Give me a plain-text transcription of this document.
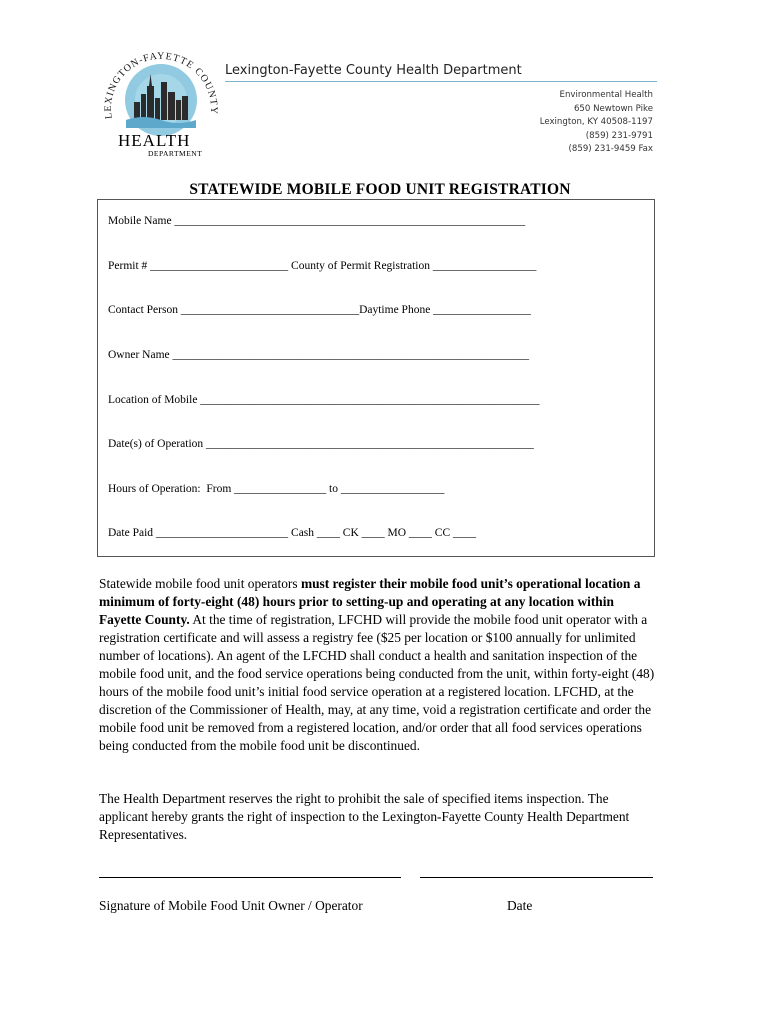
LEXINGTON-FAYETTE COUNTY
HEALTH
DEPARTMENT
Lexington-Fayette County Health Department
Environmental Health
650 Newtown Pike
Lexington, KY 40508-1197
(859) 231-9791
(859) 231-9459 Fax
STATEWIDE MOBILE FOOD UNIT REGISTRATION
Mobile Name _____________________________________________________________
Permit # ________________________ County of Permit Registration __________________
Contact Person _______________________________Daytime Phone _________________
Owner Name ______________________________________________________________
Location of Mobile ___________________________________________________________
Date(s) of Operation _________________________________________________________
Hours of Operation:  From ________________ to __________________
Date Paid _______________________ Cash ____ CK ____ MO ____ CC ____
Statewide mobile food unit operators must register their mobile food unit’s operational location a minimum of forty-eight (48) hours prior to setting-up and operating at any location within Fayette County. At the time of registration, LFCHD will provide the mobile food unit operator with a registration certificate and will assess a registry fee ($25 per location or $100 annually for unlimited number of locations). An agent of the LFCHD shall conduct a health and sanitation inspection of the mobile food unit, and the food service operations being conducted from the unit, within forty-eight (48) hours of the mobile food unit’s initial food service operation at a registered location. LFCHD, at the discretion of the Commissioner of Health, may, at any time, void a registration certificate and order the mobile food unit be removed from a registered location, and/or order that all food services operations being conducted from the mobile food unit be discontinued.
The Health Department reserves the right to prohibit the sale of specified items inspection. The applicant hereby grants the right of inspection to the Lexington-Fayette County Health Department Representatives.
Signature of Mobile Food Unit Owner / Operator	Date
